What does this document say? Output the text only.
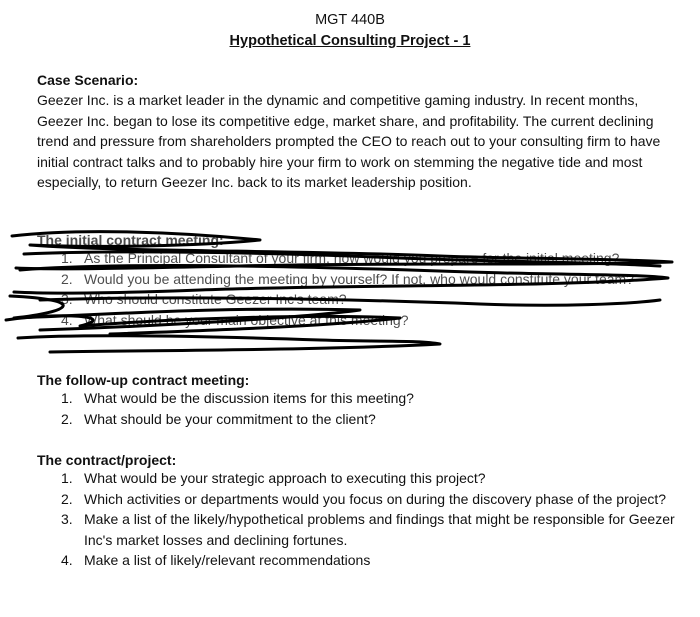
MGT 440B
Hypothetical Consulting Project - 1
Case Scenario:
Geezer Inc. is a market leader in the dynamic and competitive gaming industry. In recent months, Geezer Inc. began to lose its competitive edge, market share, and profitability. The current declining trend and pressure from shareholders prompted the CEO to reach out to your consulting firm to have initial contract talks and to probably hire your firm to work on stemming the negative tide and most especially, to return Geezer Inc. back to its market leadership position.
The initial contract meeting:
1. As the Principal Consultant of your firm, how would you prepare for the initial meeting?
2. Would you be attending the meeting by yourself? If not, who would constitute your team?
3. Who should constitute Geezer Inc's team?
4. What should be your main objective at this meeting?
The follow-up contract meeting:
1. What would be the discussion items for this meeting?
2. What should be your commitment to the client?
The contract/project:
1. What would be your strategic approach to executing this project?
2. Which activities or departments would you focus on during the discovery phase of the project?
3. Make a list of the likely/hypothetical problems and findings that might be responsible for Geezer Inc's market losses and declining fortunes.
4. Make a list of likely/relevant recommendations
